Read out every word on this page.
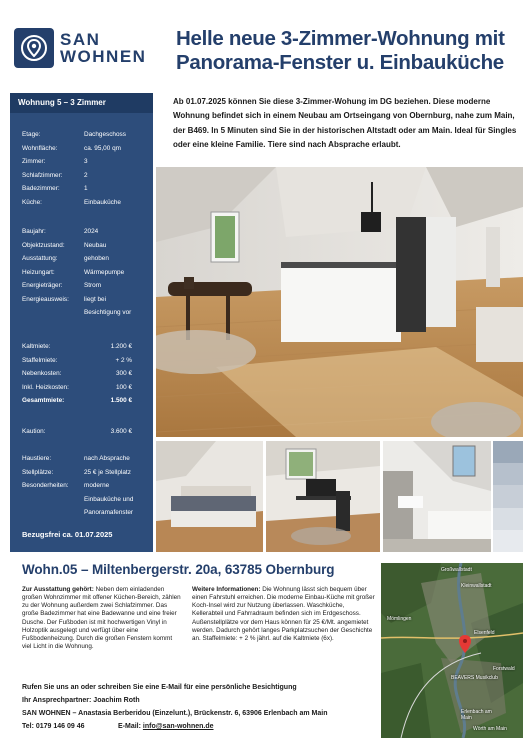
SAN
WOHNEN
Helle neue 3-Zimmer-Wohnung mit
Panorama-Fenster u. Einbauküche
Ab 01.07.2025 können Sie diese 3-Zimmer-Wohung im DG beziehen. Diese moderne Wohnung befindet sich in einem Neubau am Ortseingang von Obernburg, nahe zum Main, der B469. In 5 Minuten sind Sie in der historischen Altstadt oder am Main. Ideal für Singles oder eine kleine Familie. Tiere sind nach Absprache erlaubt.
Wohnung 5 – 3 Zimmer
Etage:	Dachgeschoss
Wohnfläche:	ca. 95,00 qm
Zimmer:	3
Schlafzimmer:	2
Badezimmer:	1
Küche:	Einbauküche
Baujahr:	2024
Objektzustand:	Neubau
Ausstattung:	gehoben
Heizungart:	Wärmepumpe
Energieträger:	Strom
Energieausweis:	liegt bei
Besichtigung vor
Kaltmiete:	1.200 €
Staffelmiete:	+ 2 %
Nebenkosten:	300 €
Inkl. Heizkosten:	100 €
Gesamtmiete:	1.500 €
Kaution:	3.600 €
Haustiere:	nach Absprache
Stellplätze:	25 € je Stellplatz
Besonderheiten:	moderne
Einbauküche und
Panoramafenster
Bezugsfrei ca. 01.07.2025
Wohn.05 – Miltenbergerstr. 20a, 63785 Obernburg
Zur Ausstattung gehört: Neben dem einladenden großen Wohnzimmer mit offener Küchen-Bereich, zählen zu der Wohnung außerdem zwei Schlafzimmer. Das große Badezimmer hat eine Badewanne und eine freier Dusche. Der Fußboden ist mit hochwertigen Vinyl in Holzoptik ausgelegt und verfügt über eine Fußbodenheizung. Durch die großen Fenstern kommt viel Licht in die Wohnung.
Weitere Informationen: Die Wohnung lässt sich bequem über einen Fahrstuhl erreichen. Die moderne Einbau-Küche mit großer Koch-Insel wird zur Nutzung überlassen. Waschküche, Kellerabteil und Fahrradraum befinden sich im Erdgeschoss. Außenstellplätze vor dem Haus können für 25 €/Mt. angemietet werden. Dadurch gehört langes Parkplatzsuchen der Geschichte an. Staffelmiete: + 2 % jährl. auf die Kaltmiete (6x).
Großwallstadt
Kleinwallstadt
Mömlingen
Elsenfeld
Forstwald
BEAVERS Musikclub
Erlenbach am Main
Wörth am Main
Rufen Sie uns an oder schreiben Sie eine E-Mail für eine persönliche Besichtigung
Ihr Ansprechpartner: Joachim Roth
SAN WOHNEN – Anastasia Berberidou (Einzelunt.), Brückenstr. 6, 63906 Erlenbach am Main
Tel: 0179 146 09 46	E-Mail: info@san-wohnen.de
